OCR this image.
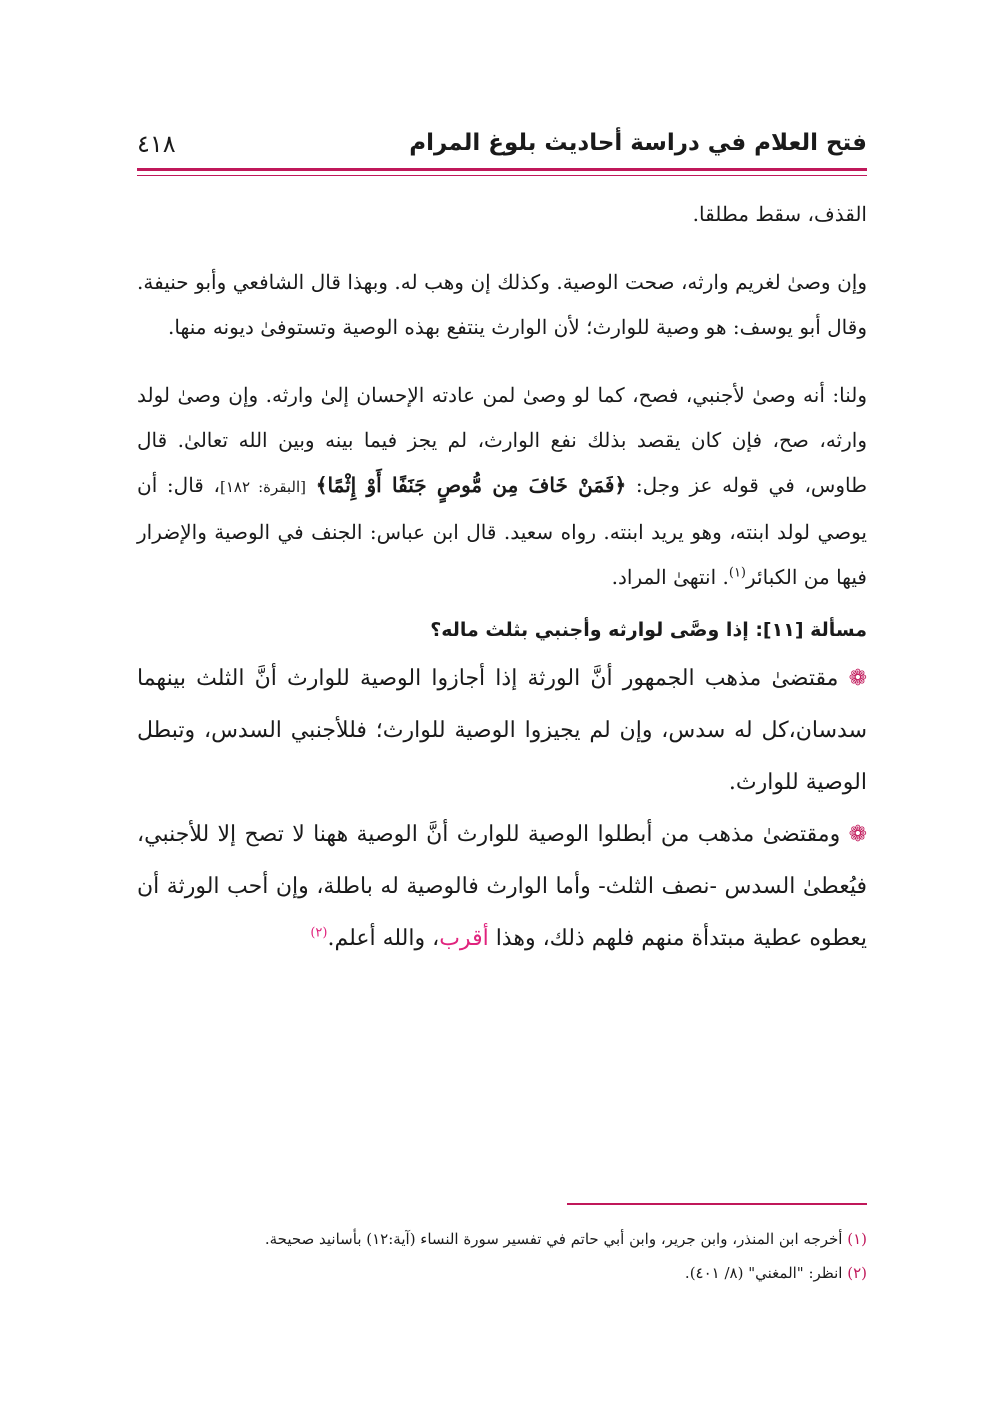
فتح العلام في دراسة أحاديث بلوغ المرام
٤١٨

القذف، سقط مطلقا.

وإن وصىٰ لغريم وارثه، صحت الوصية. وكذلك إن وهب له. وبهذا قال الشافعي وأبو حنيفة. وقال أبو يوسف: هو وصية للوارث؛ لأن الوارث ينتفع بهذه الوصية وتستوفىٰ ديونه منها.

ولنا: أنه وصىٰ لأجنبي، فصح، كما لو وصىٰ لمن عادته الإحسان إلىٰ وارثه. وإن وصىٰ لولد وارثه، صح، فإن كان يقصد بذلك نفع الوارث، لم يجز فيما بينه وبين الله تعالىٰ. قال طاوس، في قوله عز وجل: ﴿فَمَنْ خَافَ مِن مُّوصٍ جَنَفًا أَوْ إِثْمًا﴾ [البقرة: ١٨٢]، قال: أن يوصي لولد ابنته، وهو يريد ابنته. رواه سعيد. قال ابن عباس: الجنف في الوصية والإضرار فيها من الكبائر$^{(١)}$. انتهىٰ المراد.

مسألة [١١]: إذا وصَّى لوارثه وأجنبي بثلث ماله؟

❁ مقتضىٰ مذهب الجمهور أنَّ الورثة إذا أجازوا الوصية للوارث أنَّ الثلث بينهما سدسان،كل له سدس، وإن لم يجيزوا الوصية للوارث؛ فللأجنبي السدس، وتبطل الوصية للوارث.

❁ ومقتضىٰ مذهب من أبطلوا الوصية للوارث أنَّ الوصية ههنا لا تصح إلا للأجنبي، فيُعطىٰ السدس -نصف الثلث- وأما الوارث فالوصية له باطلة، وإن أحب الورثة أن يعطوه عطية مبتدأة منهم فلهم ذلك، وهذا أقرب، والله أعلم.$^{(٢)}$

(١) أخرجه ابن المنذر، وابن جرير، وابن أبي حاتم في تفسير سورة النساء (آية:١٢) بأسانيد صحيحة.

(٢) انظر: "المغني" (٨/ ٤٠١).
